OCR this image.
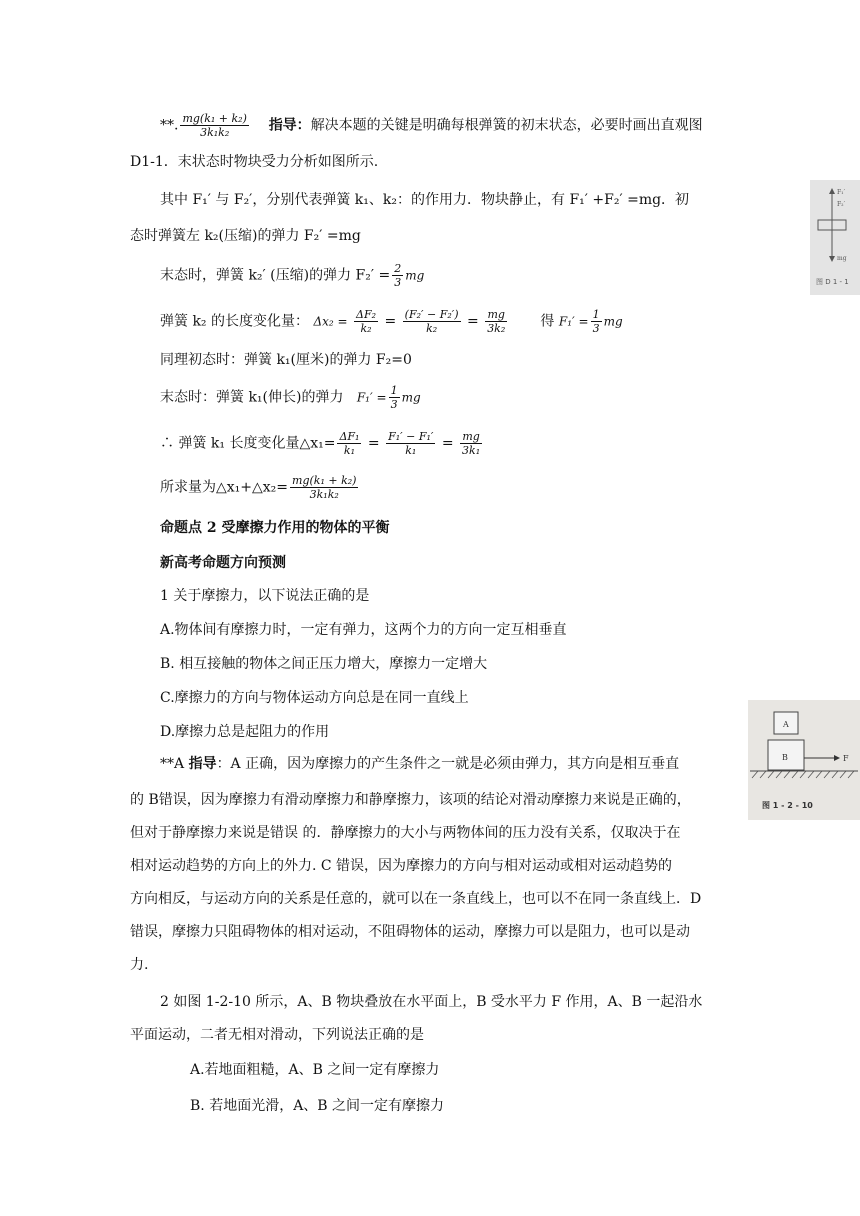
**. $\frac{\text{mg(k₁ + k₂)}}{\text{3k₁k₂}}$ 指导：解决本题的关键是明确每根弹簧的初末状态，必要时画出直观图
D1-1．末状态时物块受力分析如图所示.
其中 F₁′ 与 F₂′，分别代表弹簧 k₁、k₂：的作用力．物块静止，有 F₁′ +F₂′ =mg．初
态时弹簧左 k₂(压缩)的弹力 F₂′ =mg
末态时，弹簧 k₂′ (压缩)的弹力 $F_2' = \frac{2}{3}$ mg
弹簧 k₂ 的长度变化量： $\Delta x_2 = \frac{\text{ΔF₂}}{\text{k₂}} = \frac{\text{(F₂′ − F₂′)}}{\text{k₂}} = \frac{mg}{\text{3k₂}}$ 得 $F_1' = \frac{1}{3}$ mg
同理初态时：弹簧 k₁(厘米)的弹力 F₂=0
末态时：弹簧 k₁(伸长)的弹力 $F_1' = \frac{1}{3}$ mg
∴ 弹簧 k₁ 长度变化量△x₁= $\frac{\text{ΔF₁}}{\text{k₁}} = \frac{\text{F₁′ − F₁′}}{\text{k₁}} = \frac{mg}{\text{3k₁}}$
所求量为△x₁+△x₂= $\frac{\text{mg(k₁ + k₂)}}{\text{3k₁k₂}}$
命题点 2 受摩擦力作用的物体的平衡
新高考命题方向预测
1 关于摩擦力，以下说法正确的是
A.物体间有摩擦力时，一定有弹力，这两个力的方向一定互相垂直
B. 相互接触的物体之间正压力增大，摩擦力一定增大
C.摩擦力的方向与物体运动方向总是在同一直线上
D.摩擦力总是起阻力的作用
**A 指导：A 正确，因为摩擦力的产生条件之一就是必须由弹力，其方向是相互垂直
的 B错误，因为摩擦力有滑动摩擦力和静摩擦力，该项的结论对滑动摩擦力来说是正确的，
但对于静摩擦力来说是错误 的．静摩擦力的大小与两物体间的压力没有关系，仅取决于在
相对运动趋势的方向上的外力. C 错误，因为摩擦力的方向与相对运动或相对运动趋势的
方向相反，与运动方向的关系是任意的，就可以在一条直线上，也可以不在同一条直线上．D
错误，摩擦力只阻碍物体的相对运动，不阻碍物体的运动，摩擦力可以是阻力，也可以是动
力.
2 如图 1-2-10 所示，A、B 物块叠放在水平面上，B 受水平力 F 作用，A、B 一起沿水
平面运动，二者无相对滑动，下列说法正确的是
A.若地面粗糙，A、B 之间一定有摩擦力
B. 若地面光滑，A、B 之间一定有摩擦力
F₁′
F₂′
mg
图 D 1 - 1
A
B	F
图 1 - 2 - 10
